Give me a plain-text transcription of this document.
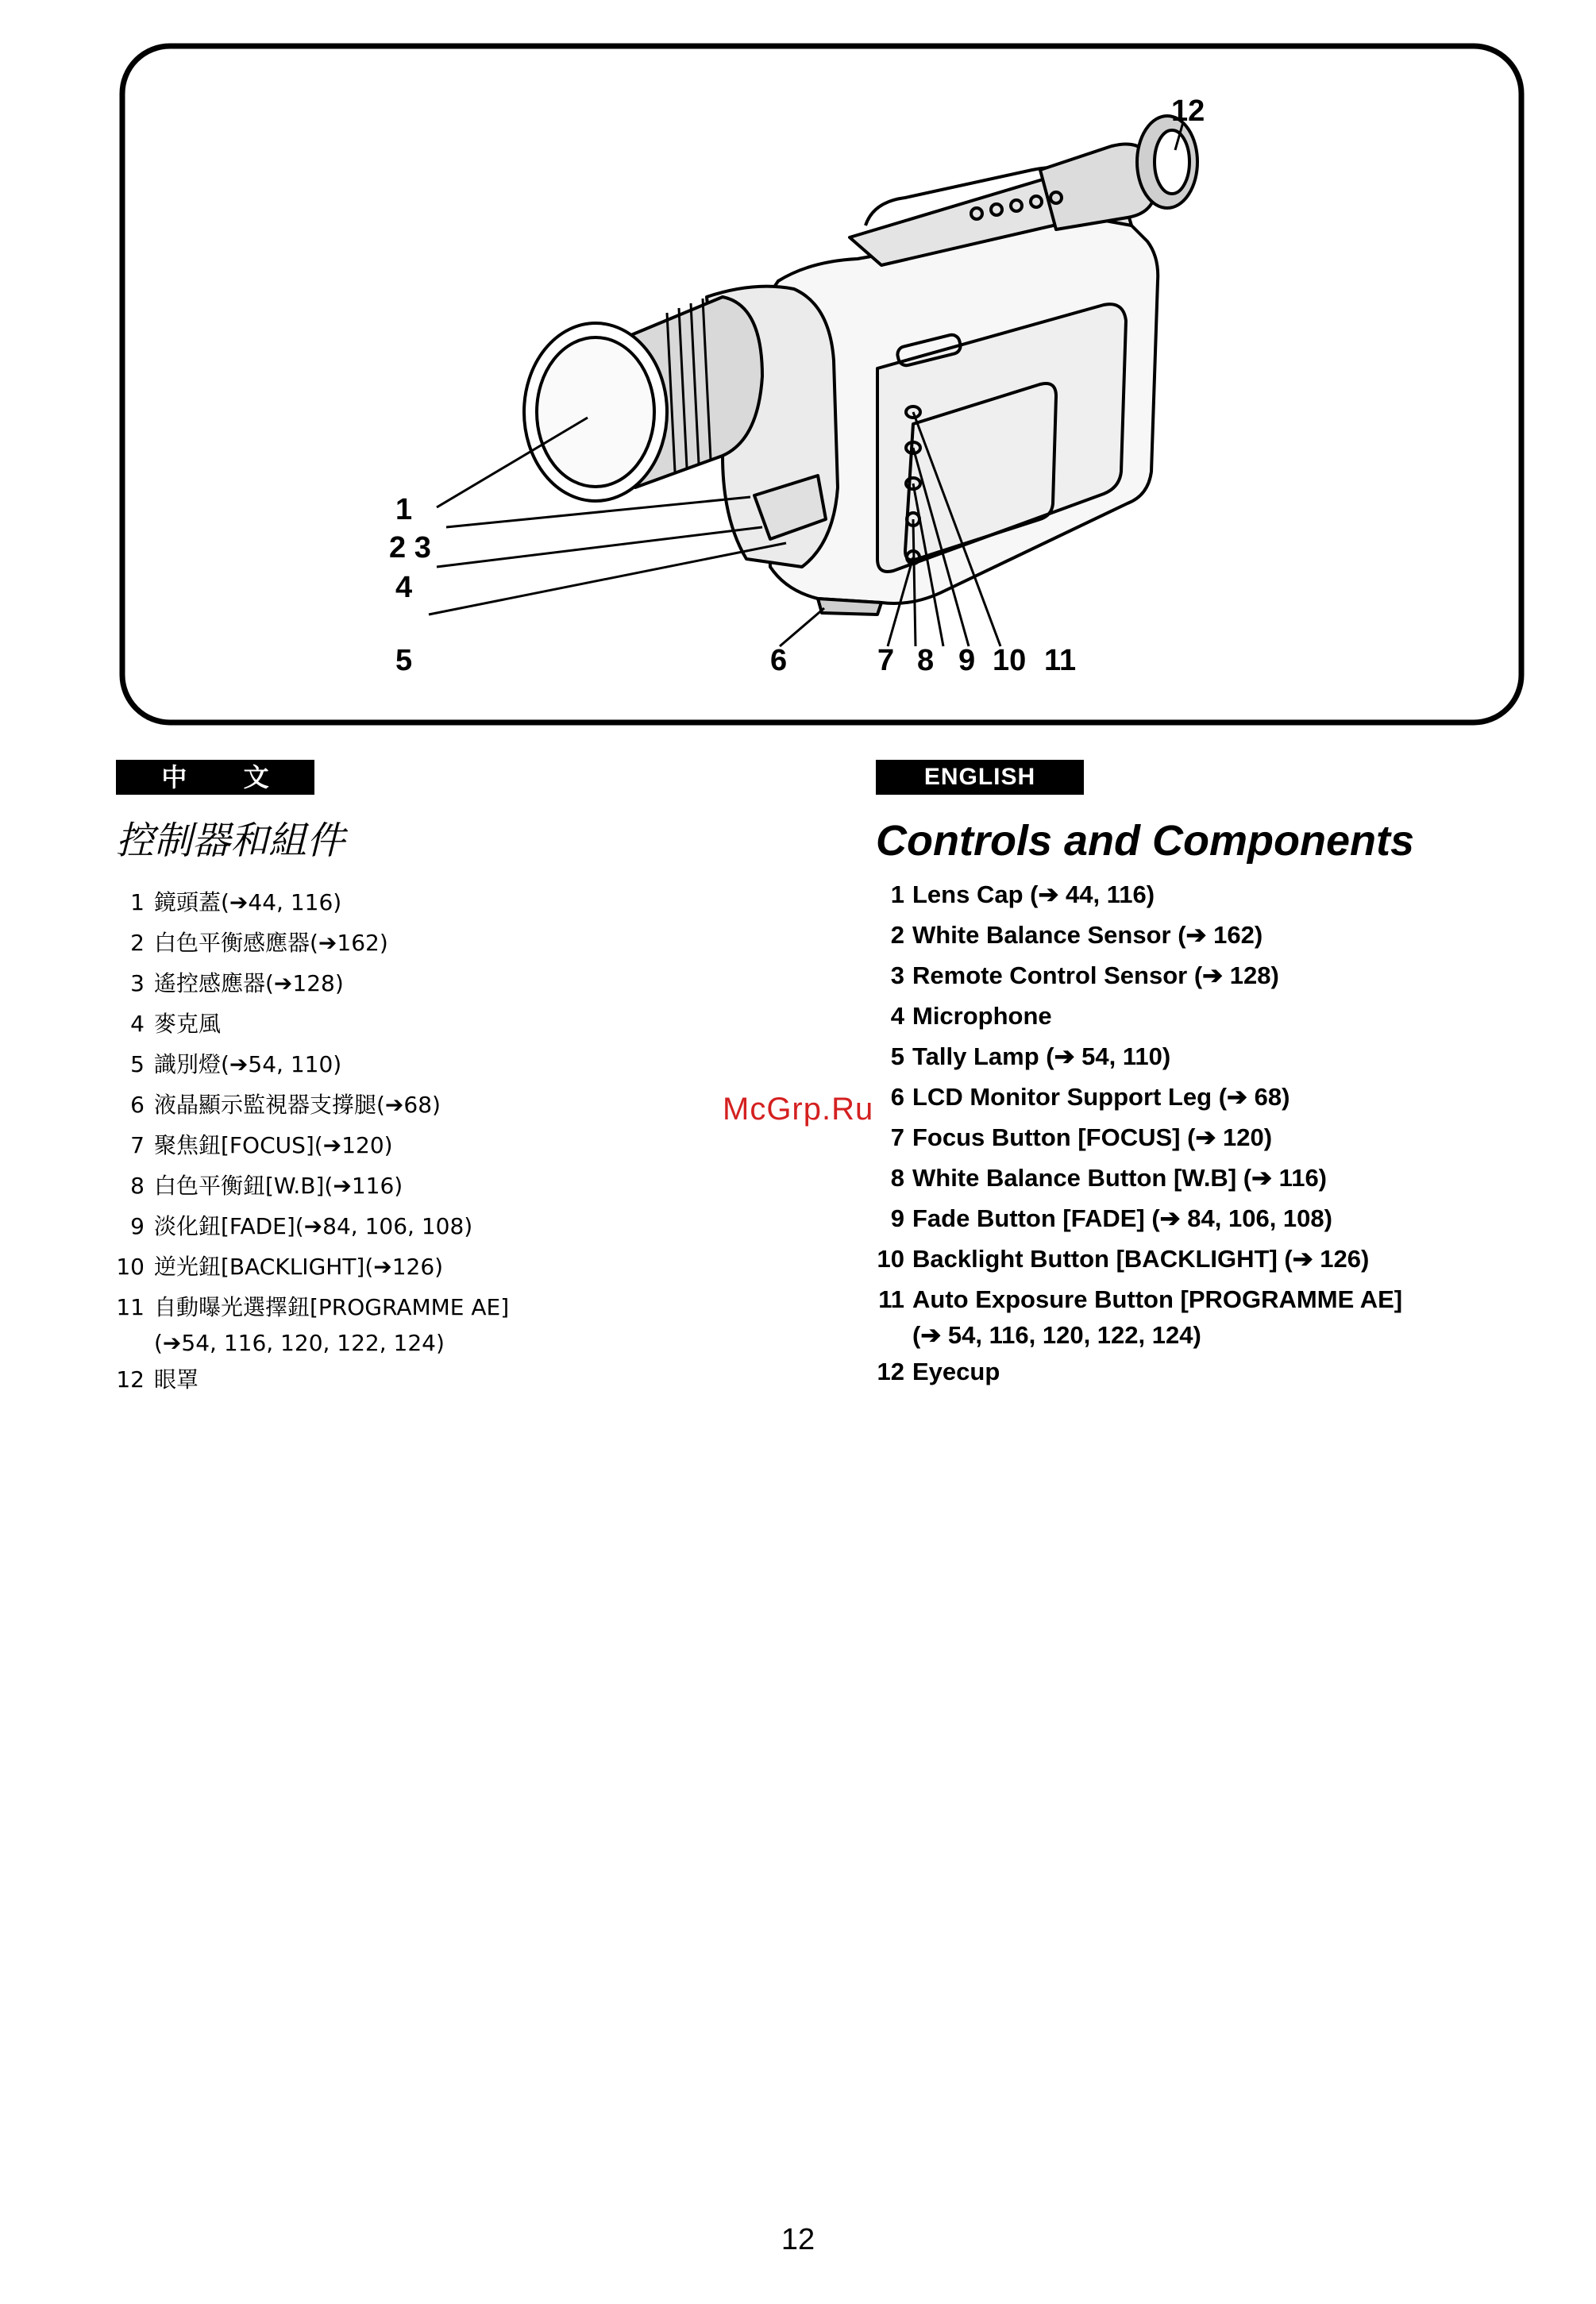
1
2 3
4
5	6	7 8 9 10 11
12
中 文
控制器和組件
1 鏡頭蓋(➔44, 116)
2 白色平衡感應器(➔162)
3 遙控感應器(➔128)
4 麥克風
5 識別燈(➔54, 110)
6 液晶顯示監視器支撐腿(➔68)
7 聚焦鈕[FOCUS](➔120)
8 白色平衡鈕[W.B](➔116)
9 淡化鈕[FADE](➔84, 106, 108)
10 逆光鈕[BACKLIGHT](➔126)
11 自動曝光選擇鈕[PROGRAMME AE]
(➔54, 116, 120, 122, 124)
12 眼罩
ENGLISH
Controls and Components
1 Lens Cap (➔ 44, 116)
2 White Balance Sensor (➔ 162)
3 Remote Control Sensor (➔ 128)
4 Microphone
5 Tally Lamp (➔ 54, 110)
6 LCD Monitor Support Leg (➔ 68)
7 Focus Button [FOCUS] (➔ 120)
8 White Balance Button [W.B] (➔ 116)
9 Fade Button [FADE] (➔ 84, 106, 108)
10 Backlight Button [BACKLIGHT] (➔ 126)
11 Auto Exposure Button [PROGRAMME AE]
(➔ 54, 116, 120, 122, 124)
12 Eyecup
McGrp.Ru
12
